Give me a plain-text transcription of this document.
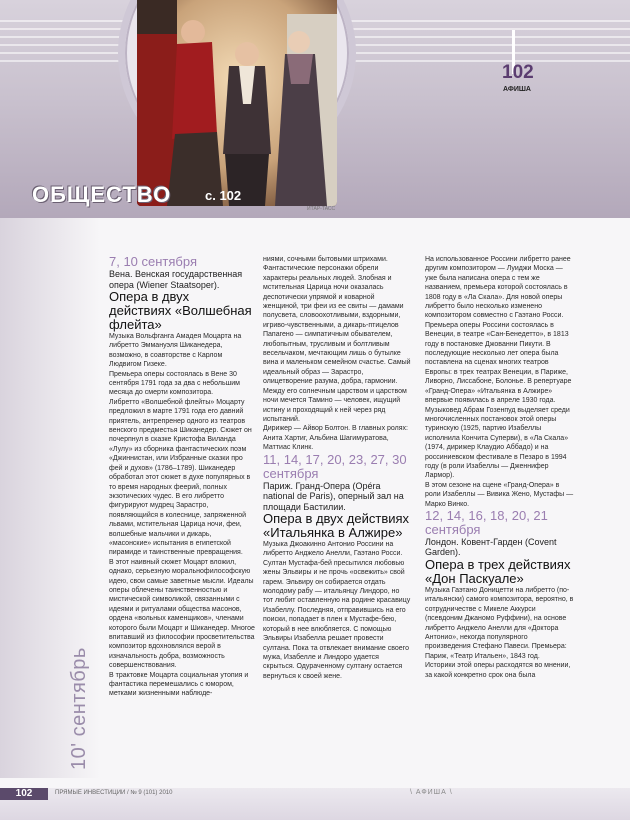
ОБЩЕСТВО	с. 102
ИТАР-ТАСС
102
АФИША
10' сентябрь

7, 10 сентября

Вена. Венская государственная опера (Wiener Staatsoper).

Опера в двух действиях «Волшебная флейта»

Музыка Вольфганга Амадея Моцарта на либретто Эммануэля Шиканедера, возможно, в соавторстве с Карлом Людвигом Гизеке.

Премьера оперы состоялась в Вене 30 сентября 1791 года за два с небольшим месяца до смерти композитора.

Либретто «Волшебной флейты» Моцарту предложил в марте 1791 года его давний приятель, антрепренер одного из театров венского предместья Шиканедер. Сюжет он почерпнул в сказке Кристофа Виланда «Лулу» из сборника фантастических поэм «Джиннистан, или Избранные сказки про фей и духов» (1786–1789). Шиканедер обработал этот сюжет в духе популярных в то время народных феерий, полных экзотических чудес. В его либретто фигурируют мудрец Зарастро, появляющийся в колеснице, запряженной львами, мстительная Царица ночи, феи, волшебные мальчики и дикарь, «масонские» испытания в египетской пирамиде и таинственные превращения.

В этот наивный сюжет Моцарт вложил, однако, серьезную моральнофилософскую идею, свои самые заветные мысли. Идеалы оперы облечены таинственностью и мистической символикой, связанными с идеями и ритуалами общества масонов, ордена «вольных каменщиков», членами которого были Моцарт и Шиканедер. Многое впитавший из философии просветительства композитор вдохновлялся верой в изначальность добра, возможность совершенствования.

В трактовке Моцарта социальная утопия и фантастика перемешались с юмором, метками жизненными наблюде-

ниями, сочными бытовыми штрихами. Фантастические персонажи обрели характеры реальных людей. Злобная и мстительная Царица ночи оказалась деспотически упрямой и коварной женщиной, три феи из ее свиты — дамами полусвета, словоохотливыми, вздорными, игриво-чувственными, а дикарь-птицелов Папагено — симпатичным обывателем, любопытным, трусливым и болтливым весельчаком, мечтающим лишь о бутылке вина и маленьком семейном счастье. Самый идеальный образ — Зарастро, олицетворение разума, добра, гармонии. Между его солнечным царством и царством ночи мечется Тамино — человек, ищущий истину и проходящий к ней через ряд испытаний.

Дирижер — Айвор Болтон. В главных ролях: Анита Хартиг, Альбина Шагимуратова, Маттиас Клинк.

11, 14, 17, 20, 23, 27, 30 сентября

Париж. Гранд-Опера (Opéra national de Paris), оперный зал на площади Бастилии.

Опера в двух действиях «Итальянка в Алжире»

Музыка Джоакинно Антонио Россини на либретто Анджело Анелли, Гаэтано Росси.

Султан Мустафа-бей пресытился любовью жены Эльвиры и не прочь «освежить» свой гарем. Эльвиру он собирается отдать молодому рабу — итальянцу Линдоро, но тот любит оставленную на родине красавицу Изабеллу. Последняя, отправившись на его поиски, попадает в плен к Мустафе-бею, который в нее влюбляется. С помощью Эльвиры Изабелла решает провести султана. Пока та отвлекает внимание своего мужа, Изабелле и Линдоро удается скрыться. Одураченному султану остается вернуться к своей жене.

На использованное Россини либретто ранее другим композитором — Луиджи Моска — уже была написана опера с тем же названием, премьера которой состоялась в 1808 году в «Ла Скала». Для новой оперы либретто было несколько изменено композитором совместно с Гаэтано Росси.

Премьера оперы Россини состоялась в Венеции, в театре «Сан-Бенедетто», в 1813 году в постановке Джованни Пикути. В последующие несколько лет опера была поставлена на сценах многих театров Европы: в трех театрах Венеции, в Париже, Ливорно, Лиссабоне, Болонье. В репертуаре «Гранд-Опера» «Итальянка в Алжире» впервые появилась в апреле 1930 года.

Музыковед Абрам Гозенпуд выделяет среди многочисленных постановок этой оперы туринскую (1925, партию Изабеллы исполнила Кончита Суперви), в «Ла Скала» (1974, дирижер Клаудио Аббадо) и на россиниевском фестивале в Пезаро в 1994 году (в роли Изабеллы — Дженнифер Лармор).

В этом сезоне на сцене «Гранд-Опера» в роли Изабеллы — Вивика Жено, Мустафы — Марко Винко.

12, 14, 16, 18, 20, 21 сентября

Лондон. Ковент-Гарден (Covent Garden).

Опера в трех действиях «Дон Паскуале»

Музыка Гаэтано Доницетти на либретто (по-итальянски) самого композитора, вероятно, в сотрудничестве с Микеле Аккурси (псевдоним Джаномо Руффини), на основе либретто Анджело Анелли для «Доктора Антонио», некогда популярного произведения Стефано Павеси. Премьера: Париж, «Театр Итальен», 1843 год.

Историки этой оперы расходятся во мнении, за какой конкретно срок она была

102	ПРЯМЫЕ ИНВЕСТИЦИИ / № 9 (101) 2010	\ АФИША \
